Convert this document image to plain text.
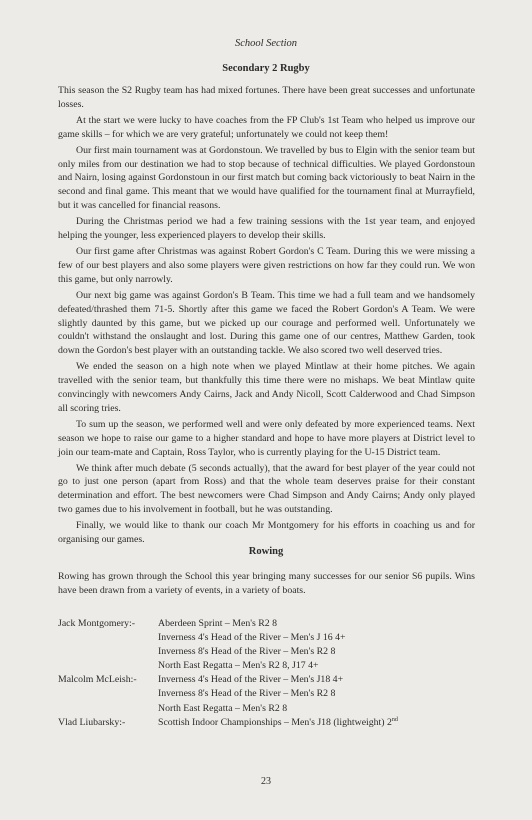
School Section
Secondary 2 Rugby

This season the S2 Rugby team has had mixed fortunes. There have been great successes and unfortunate losses.

At the start we were lucky to have coaches from the FP Club's 1st Team who helped us improve our game skills – for which we are very grateful; unfortunately we could not keep them!

Our first main tournament was at Gordonstoun. We travelled by bus to Elgin with the senior team but only miles from our destination we had to stop because of technical difficulties. We played Gordonstoun and Nairn, losing against Gordonstoun in our first match but coming back victoriously to beat Nairn in the second and final game. This meant that we would have qualified for the tournament final at Murrayfield, but it was cancelled for financial reasons.

During the Christmas period we had a few training sessions with the 1st year team, and enjoyed helping the younger, less experienced players to develop their skills.

Our first game after Christmas was against Robert Gordon's C Team. During this we were missing a few of our best players and also some players were given restrictions on how far they could run. We won this game, but only narrowly.

Our next big game was against Gordon's B Team. This time we had a full team and we handsomely defeated/thrashed them 71-5. Shortly after this game we faced the Robert Gordon's A Team. We were slightly daunted by this game, but we picked up our courage and performed well. Unfortunately we couldn't withstand the onslaught and lost. During this game one of our centres, Matthew Garden, took down the Gordon's best player with an outstanding tackle. We also scored two well deserved tries.

We ended the season on a high note when we played Mintlaw at their home pitches. We again travelled with the senior team, but thankfully this time there were no mishaps. We beat Mintlaw quite convincingly with newcomers Andy Cairns, Jack and Andy Nicoll, Scott Calderwood and Chad Simpson all scoring tries.

To sum up the season, we performed well and were only defeated by more experienced teams. Next season we hope to raise our game to a higher standard and hope to have more players at District level to join our team-mate and Captain, Ross Taylor, who is currently playing for the U-15 District team.

We think after much debate (5 seconds actually), that the award for best player of the year could not go to just one person (apart from Ross) and that the whole team deserves praise for their constant determination and effort. The best newcomers were Chad Simpson and Andy Cairns; Andy only played two games due to his involvement in football, but he was outstanding.

Finally, we would like to thank our coach Mr Montgomery for his efforts in coaching us and for organising our games.

Rowing

Rowing has grown through the School this year bringing many successes for our senior S6 pupils. Wins have been drawn from a variety of events, in a variety of boats.

Jack Montgomery:-	Aberdeen Sprint – Men's R2 8
Inverness 4's Head of the River – Men's J 16 4+
Inverness 8's Head of the River – Men's R2 8
North East Regatta – Men's R2 8, J17 4+
Malcolm McLeish:-	Inverness 4's Head of the River – Men's J18 4+
Inverness 8's Head of the River – Men's R2 8
North East Regatta – Men's R2 8
Vlad Liubarsky:-	Scottish Indoor Championships – Men's J18 (lightweight) 2nd
23
